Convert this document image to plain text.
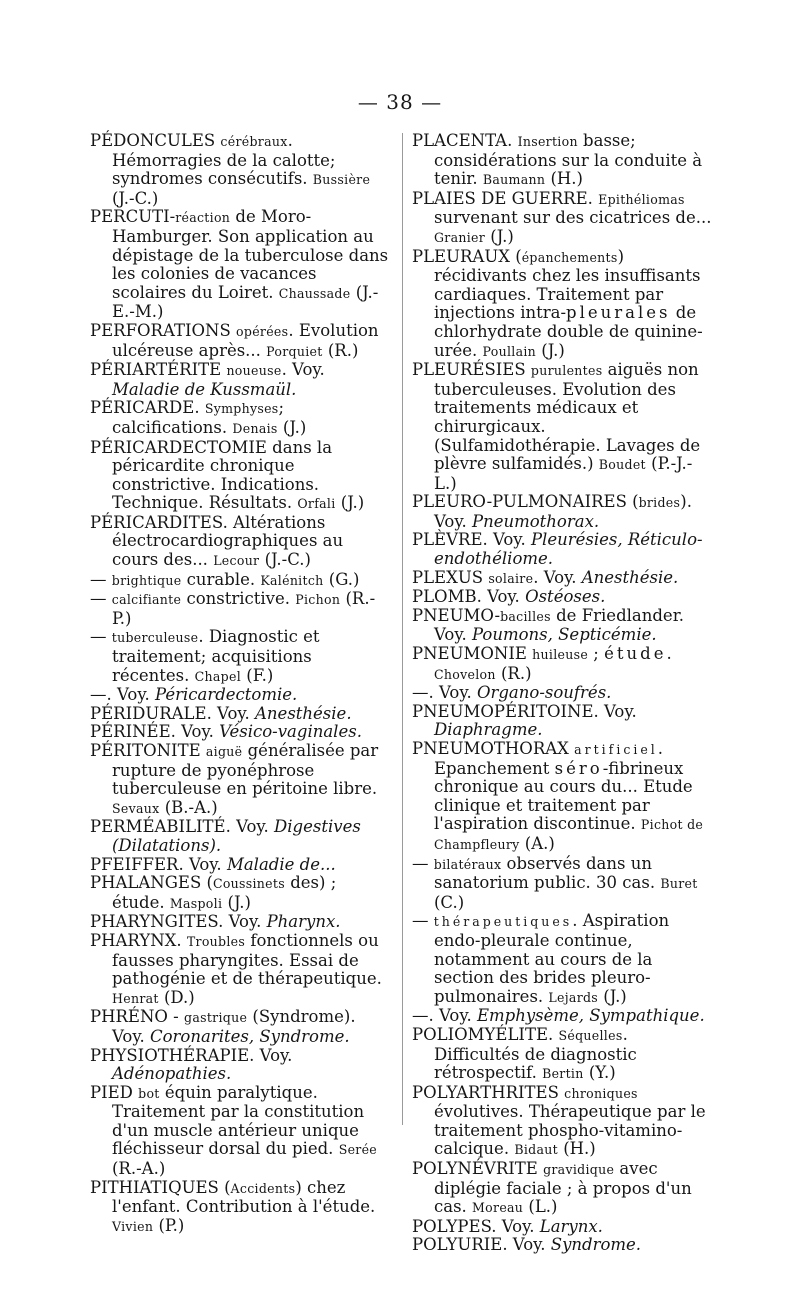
— 38 —

PÉDONCULES cérébraux. Hémorragies de la calotte; syndromes consécutifs. Bussière (J.-C.)

PERCUTI-réaction de Moro-Hamburger. Son application au dépistage de la tuberculose dans les colonies de vacances scolaires du Loiret. Chaussade (J.-E.-M.)

PERFORATIONS opérées. Evolution ulcéreuse après... Porquiet (R.)

PÉRIARTÉRITE noueuse. Voy. Maladie de Kussmaül.

PÉRICARDE. Symphyses; calcifications. Denais (J.)

PÉRICARDECTOMIE dans la péricardite chronique constrictive. Indications. Technique. Résultats. Orfali (J.)

PÉRICARDITES. Altérations électrocardiographiques au cours des... Lecour (J.-C.)

— brightique curable. Kalénitch (G.)

— calcifiante constrictive. Pichon (R.-P.)

— tuberculeuse. Diagnostic et traitement; acquisitions récentes. Chapel (F.)

—. Voy. Péricardectomie.

PÉRIDURALE. Voy. Anesthésie.

PÉRINÉE. Voy. Vésico-vaginales.

PÉRITONITE aiguë généralisée par rupture de pyonéphrose tuberculeuse en péritoine libre. Sevaux (B.-A.)

PERMÉABILITÉ. Voy. Digestives (Dilatations).

PFEIFFER. Voy. Maladie de...

PHALANGES (Coussinets des) ; étude. Maspoli (J.)

PHARYNGITES. Voy. Pharynx.

PHARYNX. Troubles fonctionnels ou fausses pharyngites. Essai de pathogénie et de thérapeutique. Henrat (D.)

PHRÉNO - gastrique (Syndrome). Voy. Coronarites, Syndrome.

PHYSIOTHÉRAPIE. Voy. Adénopathies.

PIED bot équin paralytique. Traitement par la constitution d'un muscle antérieur unique fléchisseur dorsal du pied. Serée (R.-A.)

PITHIATIQUES (Accidents) chez l'enfant. Contribution à l'étude. Vivien (P.)

PLACENTA. Insertion basse; considérations sur la conduite à tenir. Baumann (H.)

PLAIES DE GUERRE. Epithéliomas survenant sur des cicatrices de... Granier (J.)

PLEURAUX (épanchements) récidivants chez les insuffisants cardiaques. Traitement par injections intra-pleurales de chlorhydrate double de quinine-urée. Poullain (J.)

PLEURÉSIES purulentes aiguës non tuberculeuses. Evolution des traitements médicaux et chirurgicaux. (Sulfamidothérapie. Lavages de plèvre sulfamidés.) Boudet (P.-J.-L.)

PLEURO-PULMONAIRES (brides). Voy. Pneumothorax.

PLÈVRE. Voy. Pleurésies, Réticulo-endothéliome.

PLEXUS solaire. Voy. Anesthésie.

PLOMB. Voy. Ostéoses.

PNEUMO-bacilles de Friedlander. Voy. Poumons, Septicémie.

PNEUMONIE huileuse ; étude. Chovelon (R.)

—. Voy. Organo-soufrés.

PNEUMOPÉRITOINE. Voy. Diaphragme.

PNEUMOTHORAX artificiel. Epanchement séro-fibrineux chronique au cours du... Etude clinique et traitement par l'aspiration discontinue. Pichot de Champfleury (A.)

— bilatéraux observés dans un sanatorium public. 30 cas. Buret (C.)

— thérapeutiques. Aspiration endo-pleurale continue, notamment au cours de la section des brides pleuro-pulmonaires. Lejards (J.)

—. Voy. Emphysème, Sympathique.

POLIOMYÉLITE. Séquelles. Difficultés de diagnostic rétrospectif. Bertin (Y.)

POLYARTHRITES chroniques évolutives. Thérapeutique par le traitement phospho-vitamino-calcique. Bidaut (H.)

POLYNÉVRITE gravidique avec diplégie faciale ; à propos d'un cas. Moreau (L.)

POLYPES. Voy. Larynx.

POLYURIE. Voy. Syndrome.
